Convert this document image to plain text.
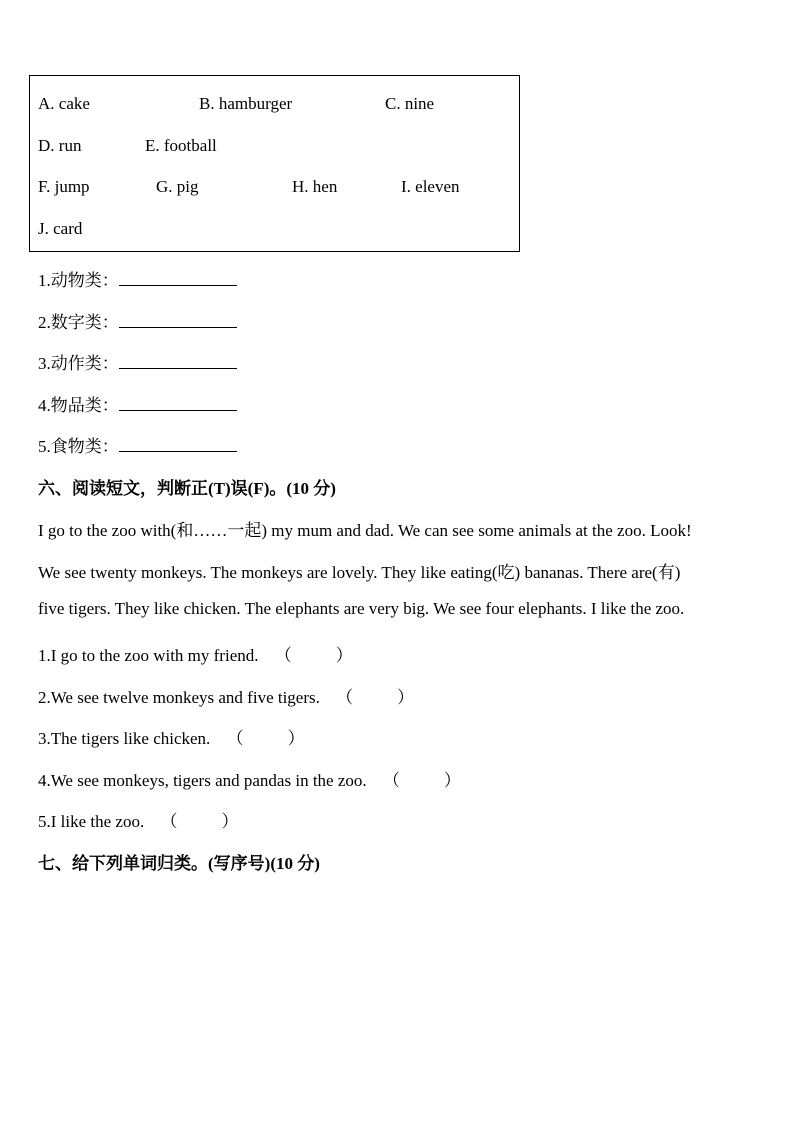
A. cake	B. hamburger	C. nine
D. run	E. football
F. jump	G. pig	H. hen	I. eleven
J. card
1.动物类：
2.数字类：
3.动作类：
4.物品类：
5.食物类：
六、阅读短文，判断正(T)误(F)。(10 分)
I go to the zoo with(和……一起) my mum and dad. We can see some animals at the zoo. Look!
We see twenty monkeys. The monkeys are lovely. They like eating(吃) bananas. There are(有)
five tigers. They like chicken. The elephants are very big. We see four elephants. I like the zoo.
1.I go to the zoo with my friend. （	）
2.We see twelve monkeys and five tigers. （	）
3.The tigers like chicken. （	）
4.We see monkeys, tigers and pandas in the zoo. （	）
5.I like the zoo. （	）
七、给下列单词归类。(写序号)(10 分)
